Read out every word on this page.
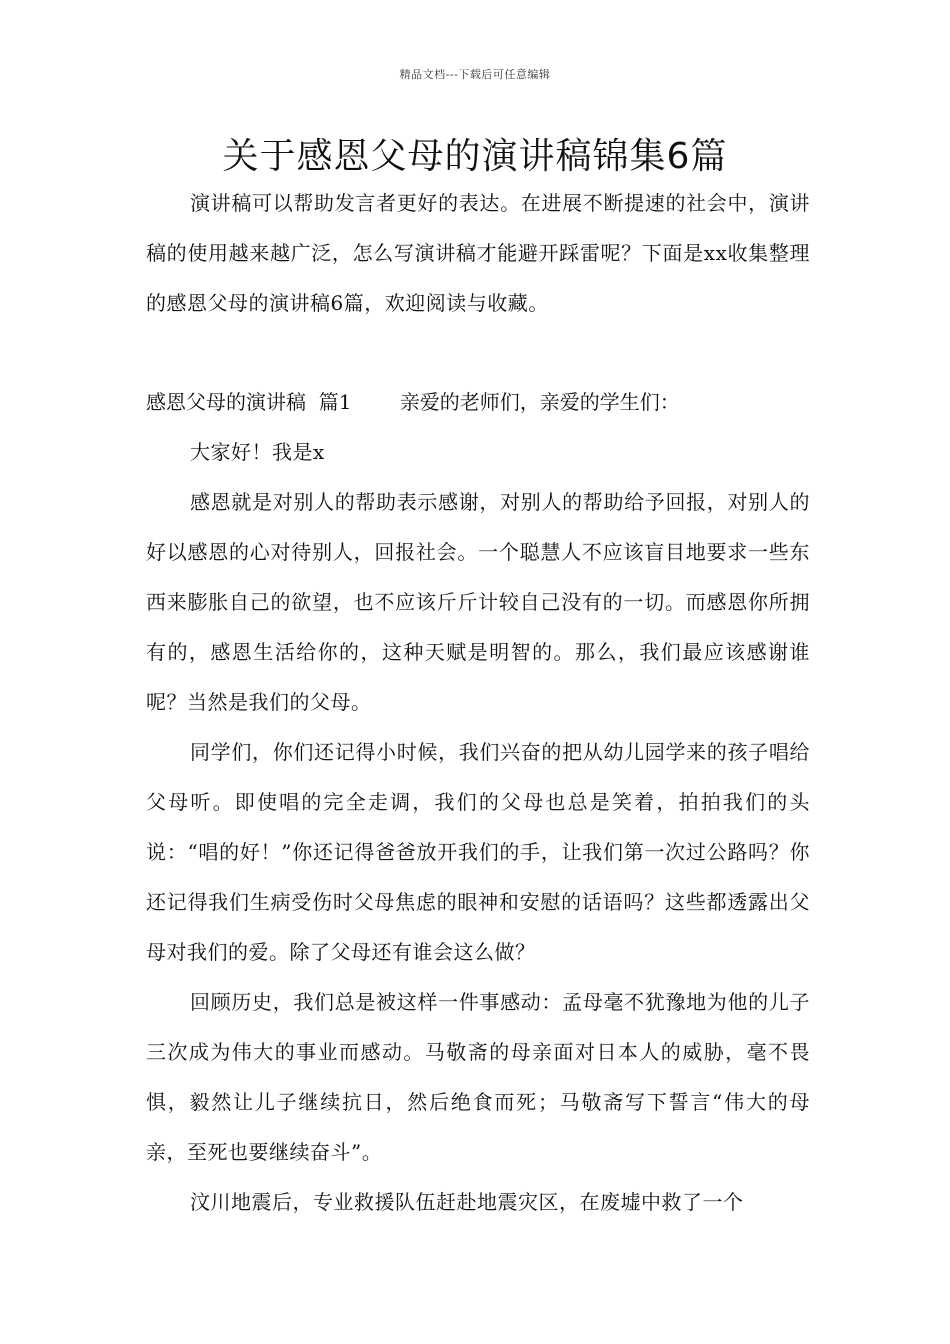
精品文档---下载后可任意编辑
关于感恩父母的演讲稿锦集6篇

演讲稿可以帮助发言者更好的表达。在进展不断提速的社会中，演讲稿的使用越来越广泛，怎么写演讲稿才能避开踩雷呢？下面是xx收集整理的感恩父母的演讲稿6篇，欢迎阅读与收藏。

感恩父母的演讲稿  篇1 亲爱的老师们，亲爱的学生们：

大家好！我是x

感恩就是对别人的帮助表示感谢，对别人的帮助给予回报，对别人的好以感恩的心对待别人，回报社会。一个聪慧人不应该盲目地要求一些东西来膨胀自己的欲望，也不应该斤斤计较自己没有的一切。而感恩你所拥有的，感恩生活给你的，这种天赋是明智的。那么，我们最应该感谢谁呢？当然是我们的父母。

同学们，你们还记得小时候，我们兴奋的把从幼儿园学来的孩子唱给父母听。即使唱的完全走调，我们的父母也总是笑着，拍拍我们的头说：“唱的好！”你还记得爸爸放开我们的手，让我们第一次过公路吗？你还记得我们生病受伤时父母焦虑的眼神和安慰的话语吗？这些都透露出父母对我们的爱。除了父母还有谁会这么做？

回顾历史，我们总是被这样一件事感动：孟母毫不犹豫地为他的儿子三次成为伟大的事业而感动。马敬斋的母亲面对日本人的威胁，毫不畏惧，毅然让儿子继续抗日，然后绝食而死；马敬斋写下誓言“伟大的母亲，至死也要继续奋斗”。

汶川地震后，专业救援队伍赶赴地震灾区，在废墟中救了一个
